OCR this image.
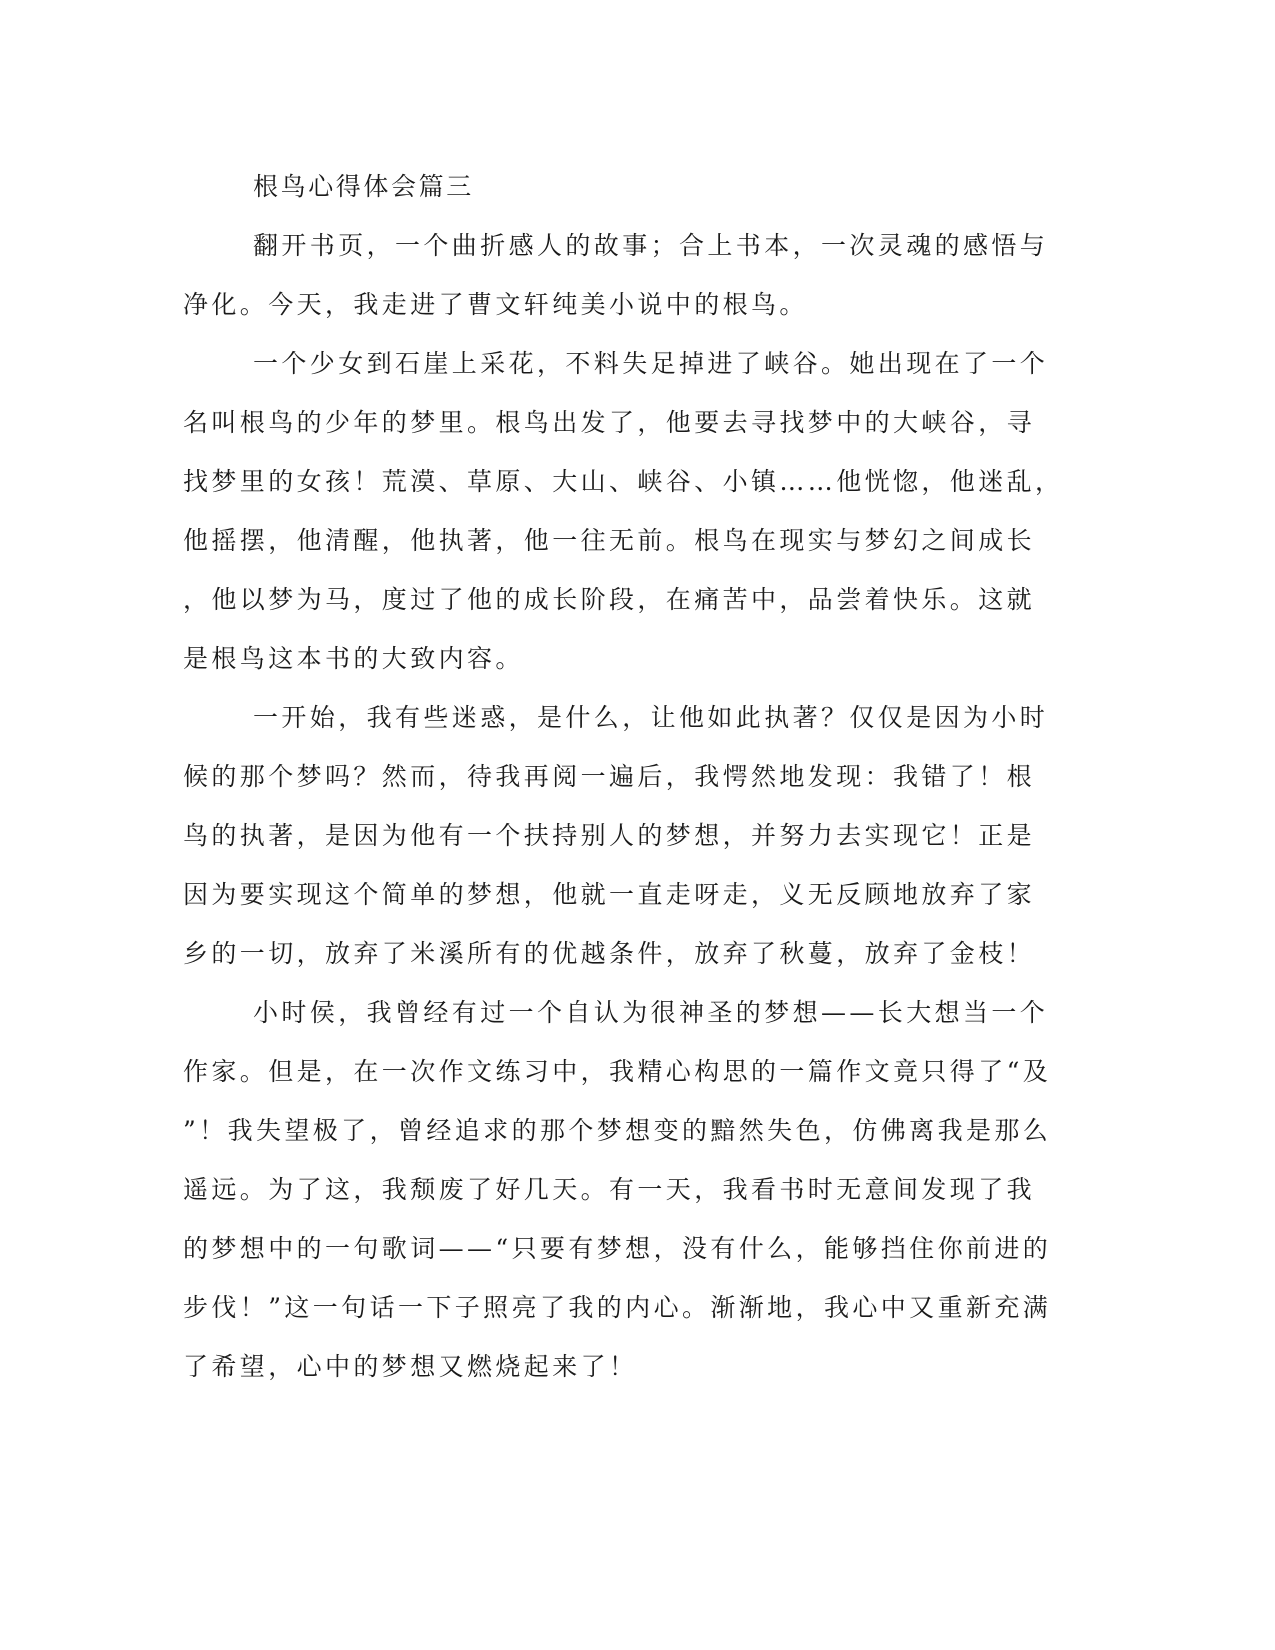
根鸟心得体会篇三
翻开书页，一个曲折感人的故事；合上书本，一次灵魂的感悟与
净化。今天，我走进了曹文轩纯美小说中的根鸟。
一个少女到石崖上采花，不料失足掉进了峡谷。她出现在了一个
名叫根鸟的少年的梦里。根鸟出发了，他要去寻找梦中的大峡谷，寻
找梦里的女孩！荒漠、草原、大山、峡谷、小镇……他恍惚，他迷乱，
他摇摆，他清醒，他执著，他一往无前。根鸟在现实与梦幻之间成长
，他以梦为马，度过了他的成长阶段，在痛苦中，品尝着快乐。这就
是根鸟这本书的大致内容。
一开始，我有些迷惑，是什么，让他如此执著？仅仅是因为小时
候的那个梦吗？然而，待我再阅一遍后，我愕然地发现：我错了！根
鸟的执著，是因为他有一个扶持别人的梦想，并努力去实现它！正是
因为要实现这个简单的梦想，他就一直走呀走，义无反顾地放弃了家
乡的一切，放弃了米溪所有的优越条件，放弃了秋蔓，放弃了金枝！
小时侯，我曾经有过一个自认为很神圣的梦想——长大想当一个
作家。但是，在一次作文练习中，我精心构思的一篇作文竟只得了“及
”！我失望极了，曾经追求的那个梦想变的黯然失色，仿佛离我是那么
遥远。为了这，我颓废了好几天。有一天，我看书时无意间发现了我
的梦想中的一句歌词——“只要有梦想，没有什么，能够挡住你前进的
步伐！”这一句话一下子照亮了我的内心。渐渐地，我心中又重新充满
了希望，心中的梦想又燃烧起来了！
